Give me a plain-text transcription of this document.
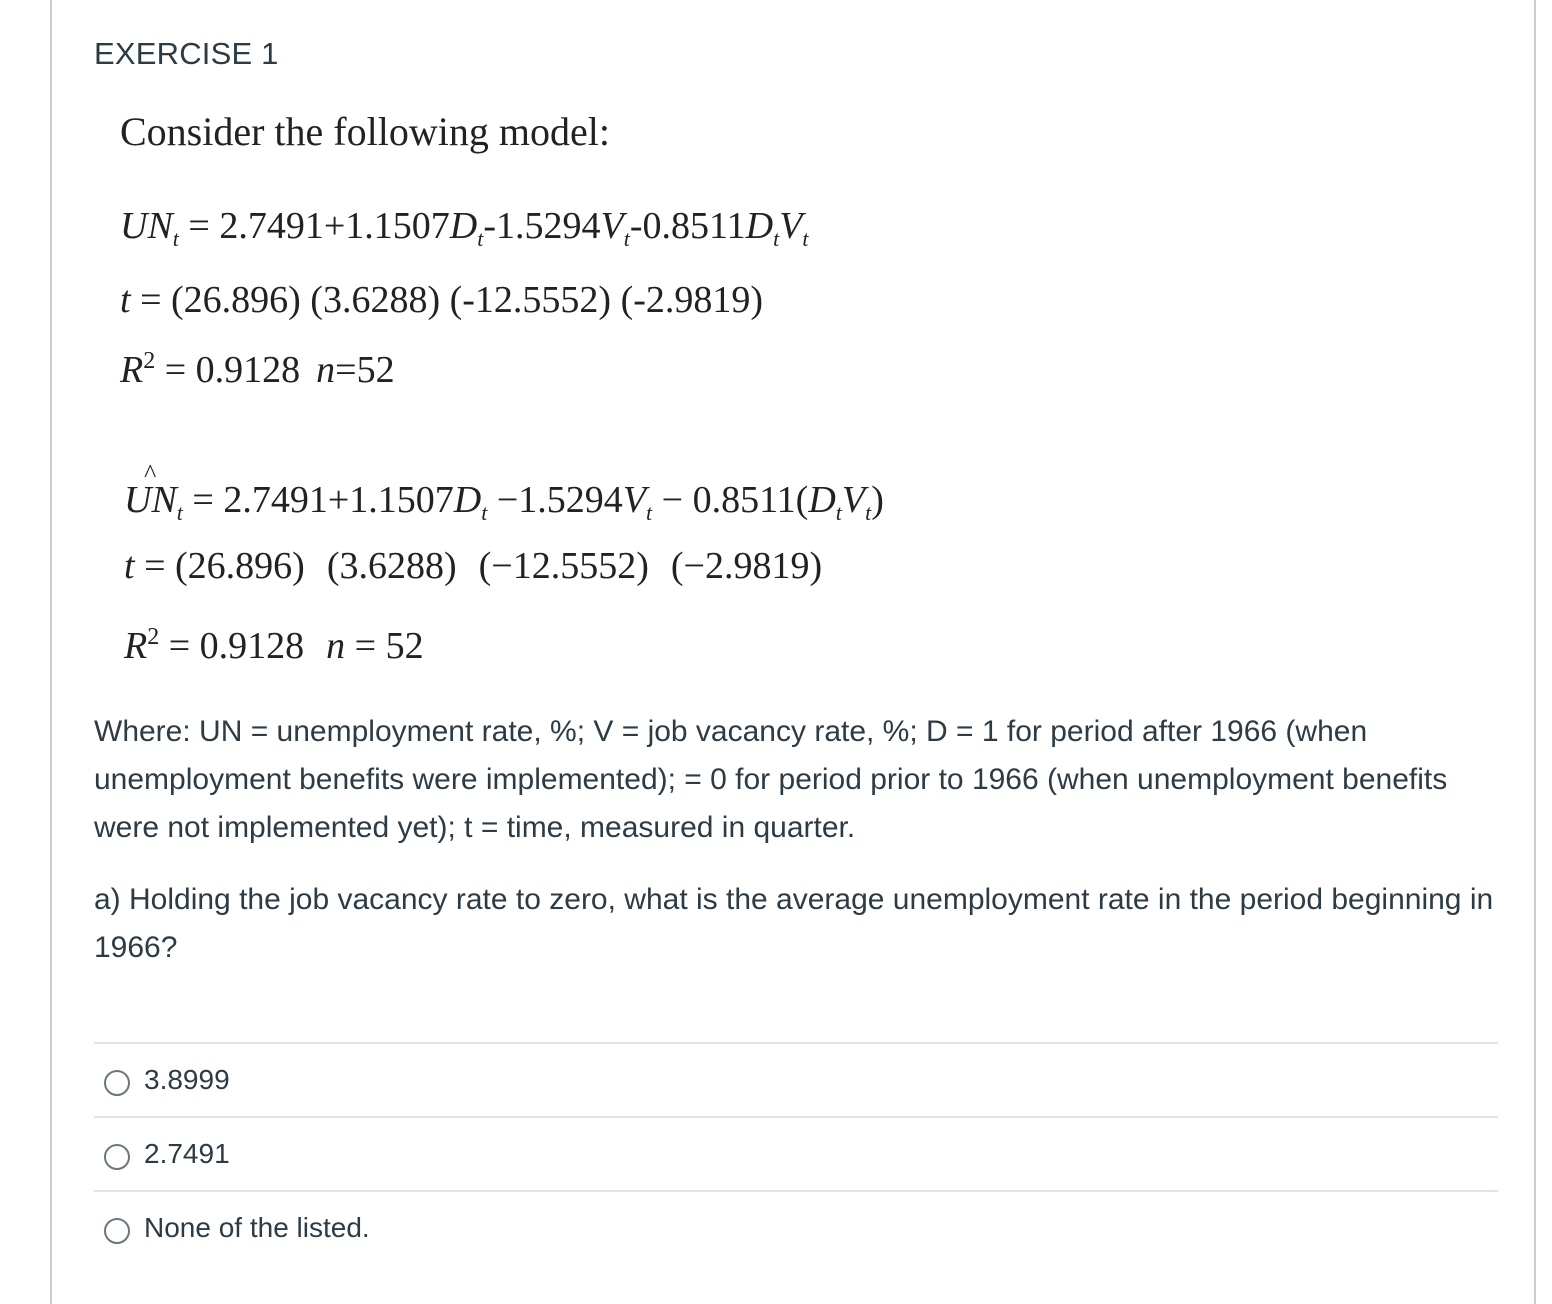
EXERCISE 1
Consider the following model:
$UN_t = 2.7491+1.1507D_t-1.5294V_t-0.8511D_tV_t$
t = (26.896) (3.6288) (-12.5552) (-2.9819)
$R^2 = 0.9128$ n=52
UN $\^{}_t = 2.7491+1.1507D_t -1.5294V_t - 0.8511(D_tV_t)$
t = (26.896) (3.6288) (−12.5552) (−2.9819)
$R^2 = 0.9128$ n = 52
Where: UN = unemployment rate, %; V = job vacancy rate, %; D = 1 for period after 1966 (when unemployment benefits were implemented); = 0 for period prior to 1966 (when unemployment benefits were not implemented yet); t = time, measured in quarter.
a) Holding the job vacancy rate to zero, what is the average unemployment rate in the period beginning in 1966?
3.8999
2.7491
None of the listed.
